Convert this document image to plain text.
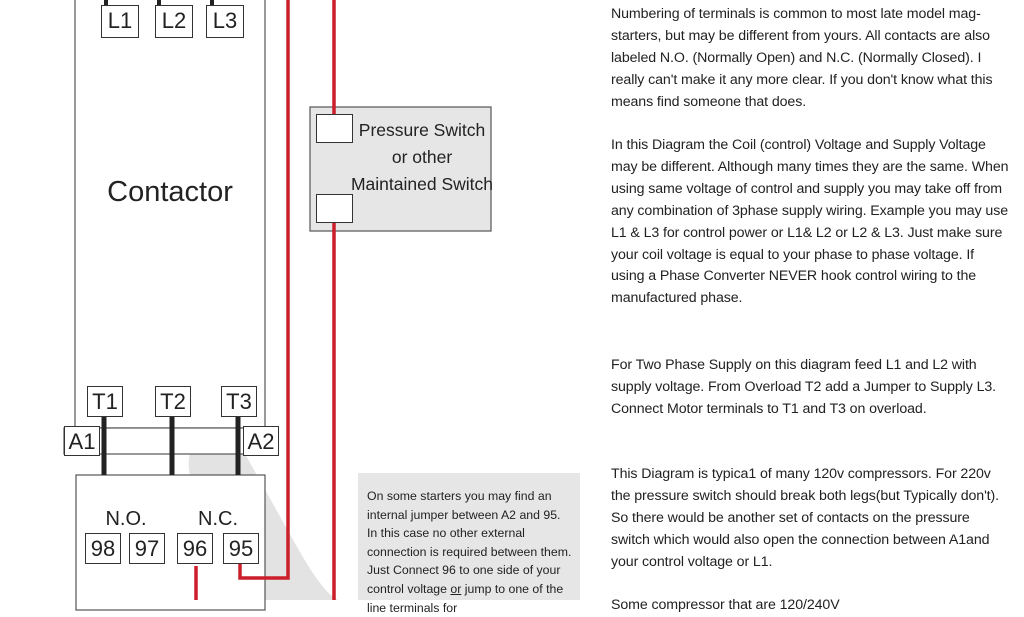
L1	L2	L3
Contactor
T1 T2 T3
A1	A2
N.O.	N.C.
98 97 96 95
Pressure Switch
or other
Maintained Switch

On some starters you may find an internal jumper between A2 and 95. In this case no other external connection is required between them. Just Connect 96 to one side of your control voltage or jump to one of the line terminals for

Numbering of terminals is common to most late model mag-starters, but may be different from yours. All contacts are also labeled N.O. (Normally Open) and N.C. (Normally Closed). I really can't make it any more clear. If you don't know what this means find someone that does.

In this Diagram the Coil (control) Voltage and Supply Voltage may be different. Although many times they are the same. When using same voltage of control and supply you may take off from any combination of 3phase supply wiring. Example you may use L1 & L3 for control power or L1& L2 or L2 & L3. Just make sure your coil voltage is equal to your phase to phase voltage. If using a Phase Converter NEVER hook control wiring to the manufactured phase.

For Two Phase Supply on this diagram feed L1 and L2 with supply voltage. From Overload T2 add a Jumper to Supply L3. Connect Motor terminals to T1 and T3 on overload.

This Diagram is typica1 of many 120v compressors. For 220v the pressure switch should break both legs(but Typically don't). So there would be another set of contacts on the pressure switch which would also open the connection between A1and your control voltage or L1.

Some compressor that are 120/240V
